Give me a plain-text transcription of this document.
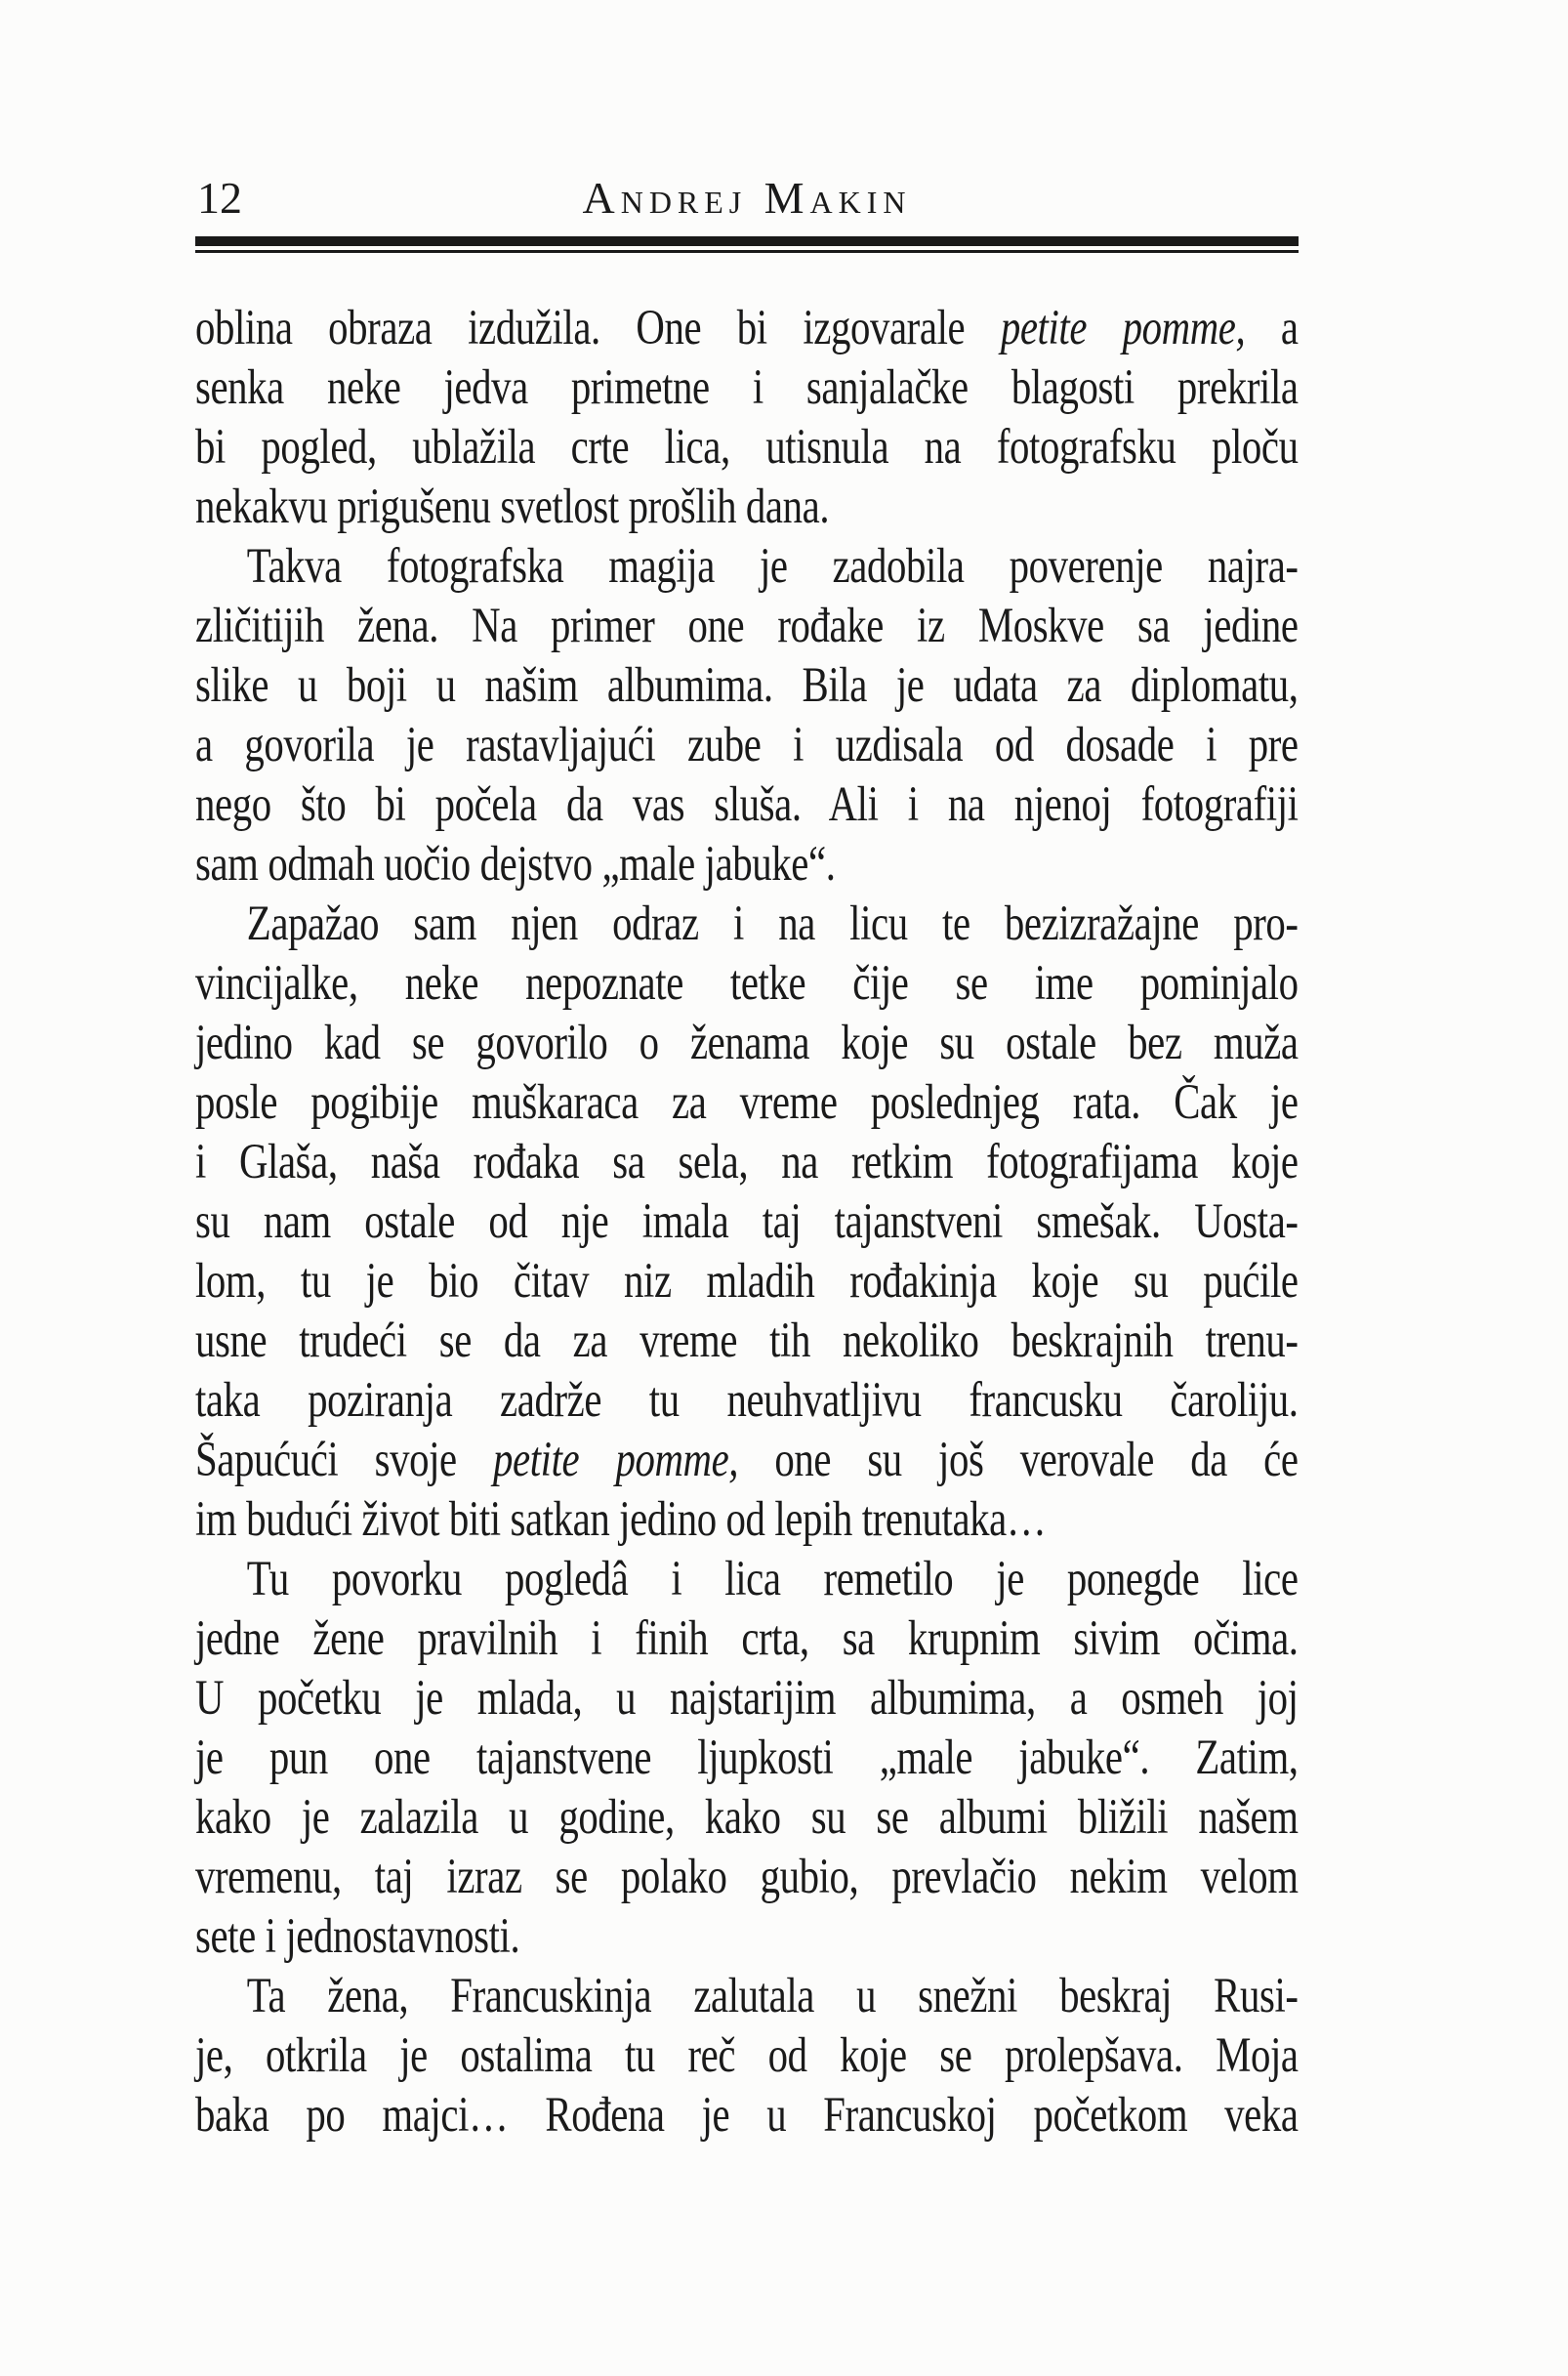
12	Andrej Makin
oblina obraza izdužila. One bi izgovarale petite pomme, a
senka neke jedva primetne i sanjalačke blagosti prekrila
bi pogled, ublažila crte lica, utisnula na fotografsku ploču
nekakvu prigušenu svetlost prošlih dana.
Takva fotografska magija je zadobila poverenje najra-
zličitijih žena. Na primer one rođake iz Moskve sa jedine
slike u boji u našim albumima. Bila je udata za diplomatu,
a govorila je rastavljajući zube i uzdisala od dosade i pre
nego što bi počela da vas sluša. Ali i na njenoj fotografiji
sam odmah uočio dejstvo „male jabuke“.
Zapažao sam njen odraz i na licu te bezizražajne pro-
vincijalke, neke nepoznate tetke čije se ime pominjalo
jedino kad se govorilo o ženama koje su ostale bez muža
posle pogibije muškaraca za vreme poslednjeg rata. Čak je
i Glaša, naša rođaka sa sela, na retkim fotografijama koje
su nam ostale od nje imala taj tajanstveni smešak. Uosta-
lom, tu je bio čitav niz mladih rođakinja koje su pućile
usne trudeći se da za vreme tih nekoliko beskrajnih trenu-
taka poziranja zadrže tu neuhvatljivu francusku čaroliju.
Šapućući svoje petite pomme, one su još verovale da će
im budući život biti satkan jedino od lepih trenutaka…
Tu povorku pogledâ i lica remetilo je ponegde lice
jedne žene pravilnih i finih crta, sa krupnim sivim očima.
U početku je mlada, u najstarijim albumima, a osmeh joj
je pun one tajanstvene ljupkosti „male jabuke“. Zatim,
kako je zalazila u godine, kako su se albumi bližili našem
vremenu, taj izraz se polako gubio, prevlačio nekim velom
sete i jednostavnosti.
Ta žena, Francuskinja zalutala u snežni beskraj Rusi-
je, otkrila je ostalima tu reč od koje se prolepšava. Moja
baka po majci… Rođena je u Francuskoj početkom veka
